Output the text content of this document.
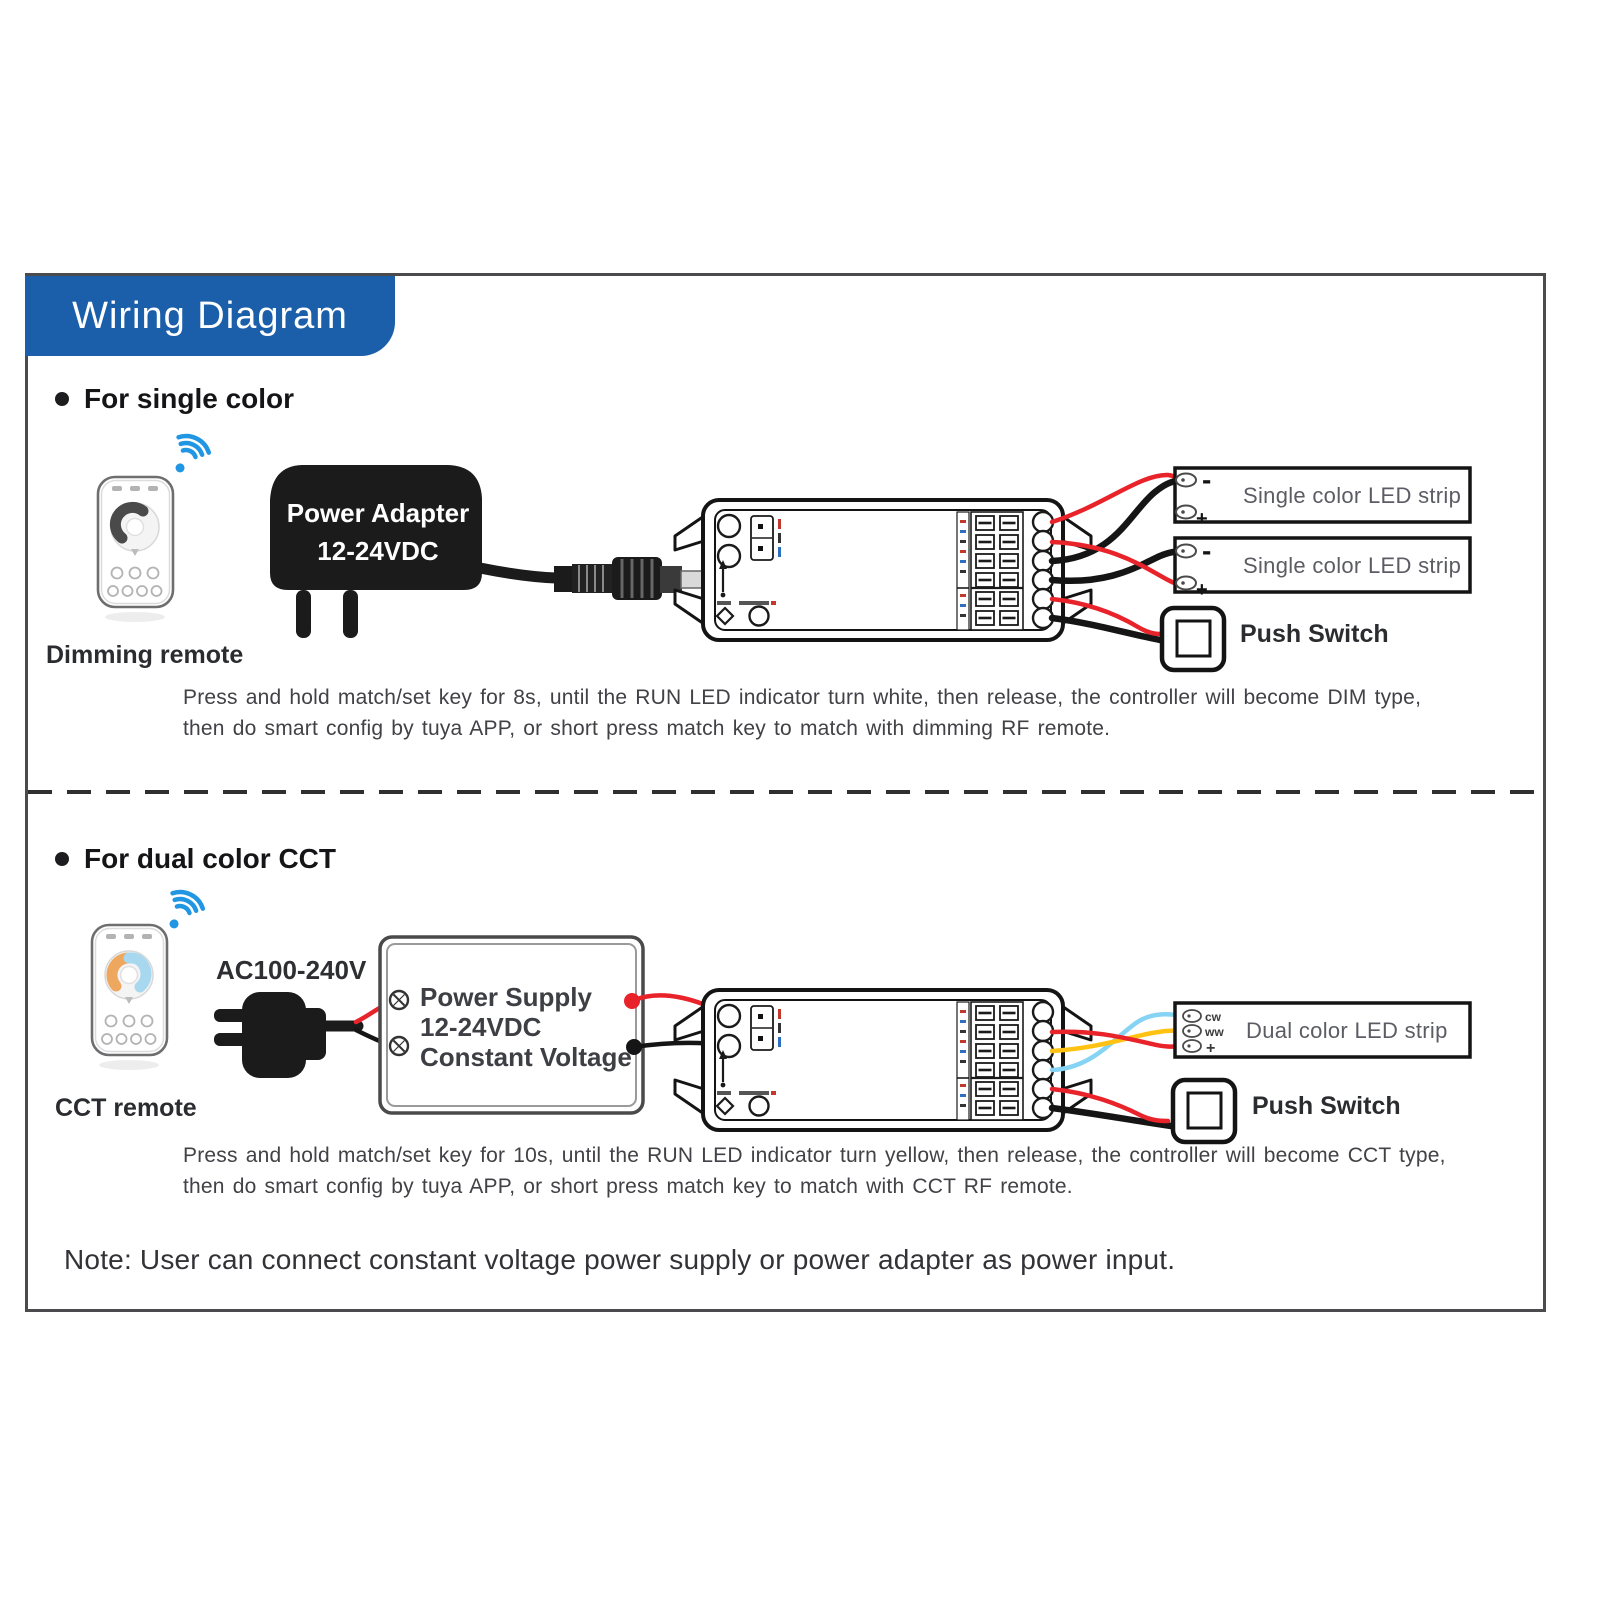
-
+
-
+
cw
ww
+
Wiring Diagram
For single color
Dimming remote
Power Adapter
12-24VDC
Single color LED strip
Single color LED strip
Push Switch
Press and hold match/set key for 8s, until the RUN LED indicator turn white, then release, the controller will become DIM type,
then do smart config by tuya APP, or short press match key to match with dimming RF remote.
For dual color CCT
AC100-240V
Power Supply
12-24VDC
Constant Voltage
CCT remote
Dual color LED strip
Push Switch
Press and hold match/set key for 10s, until the RUN LED indicator turn yellow, then release, the controller will become CCT type,
then do smart config by tuya APP, or short press match key to match with CCT RF remote.
Note: User can connect constant voltage power supply or power adapter as power input.
